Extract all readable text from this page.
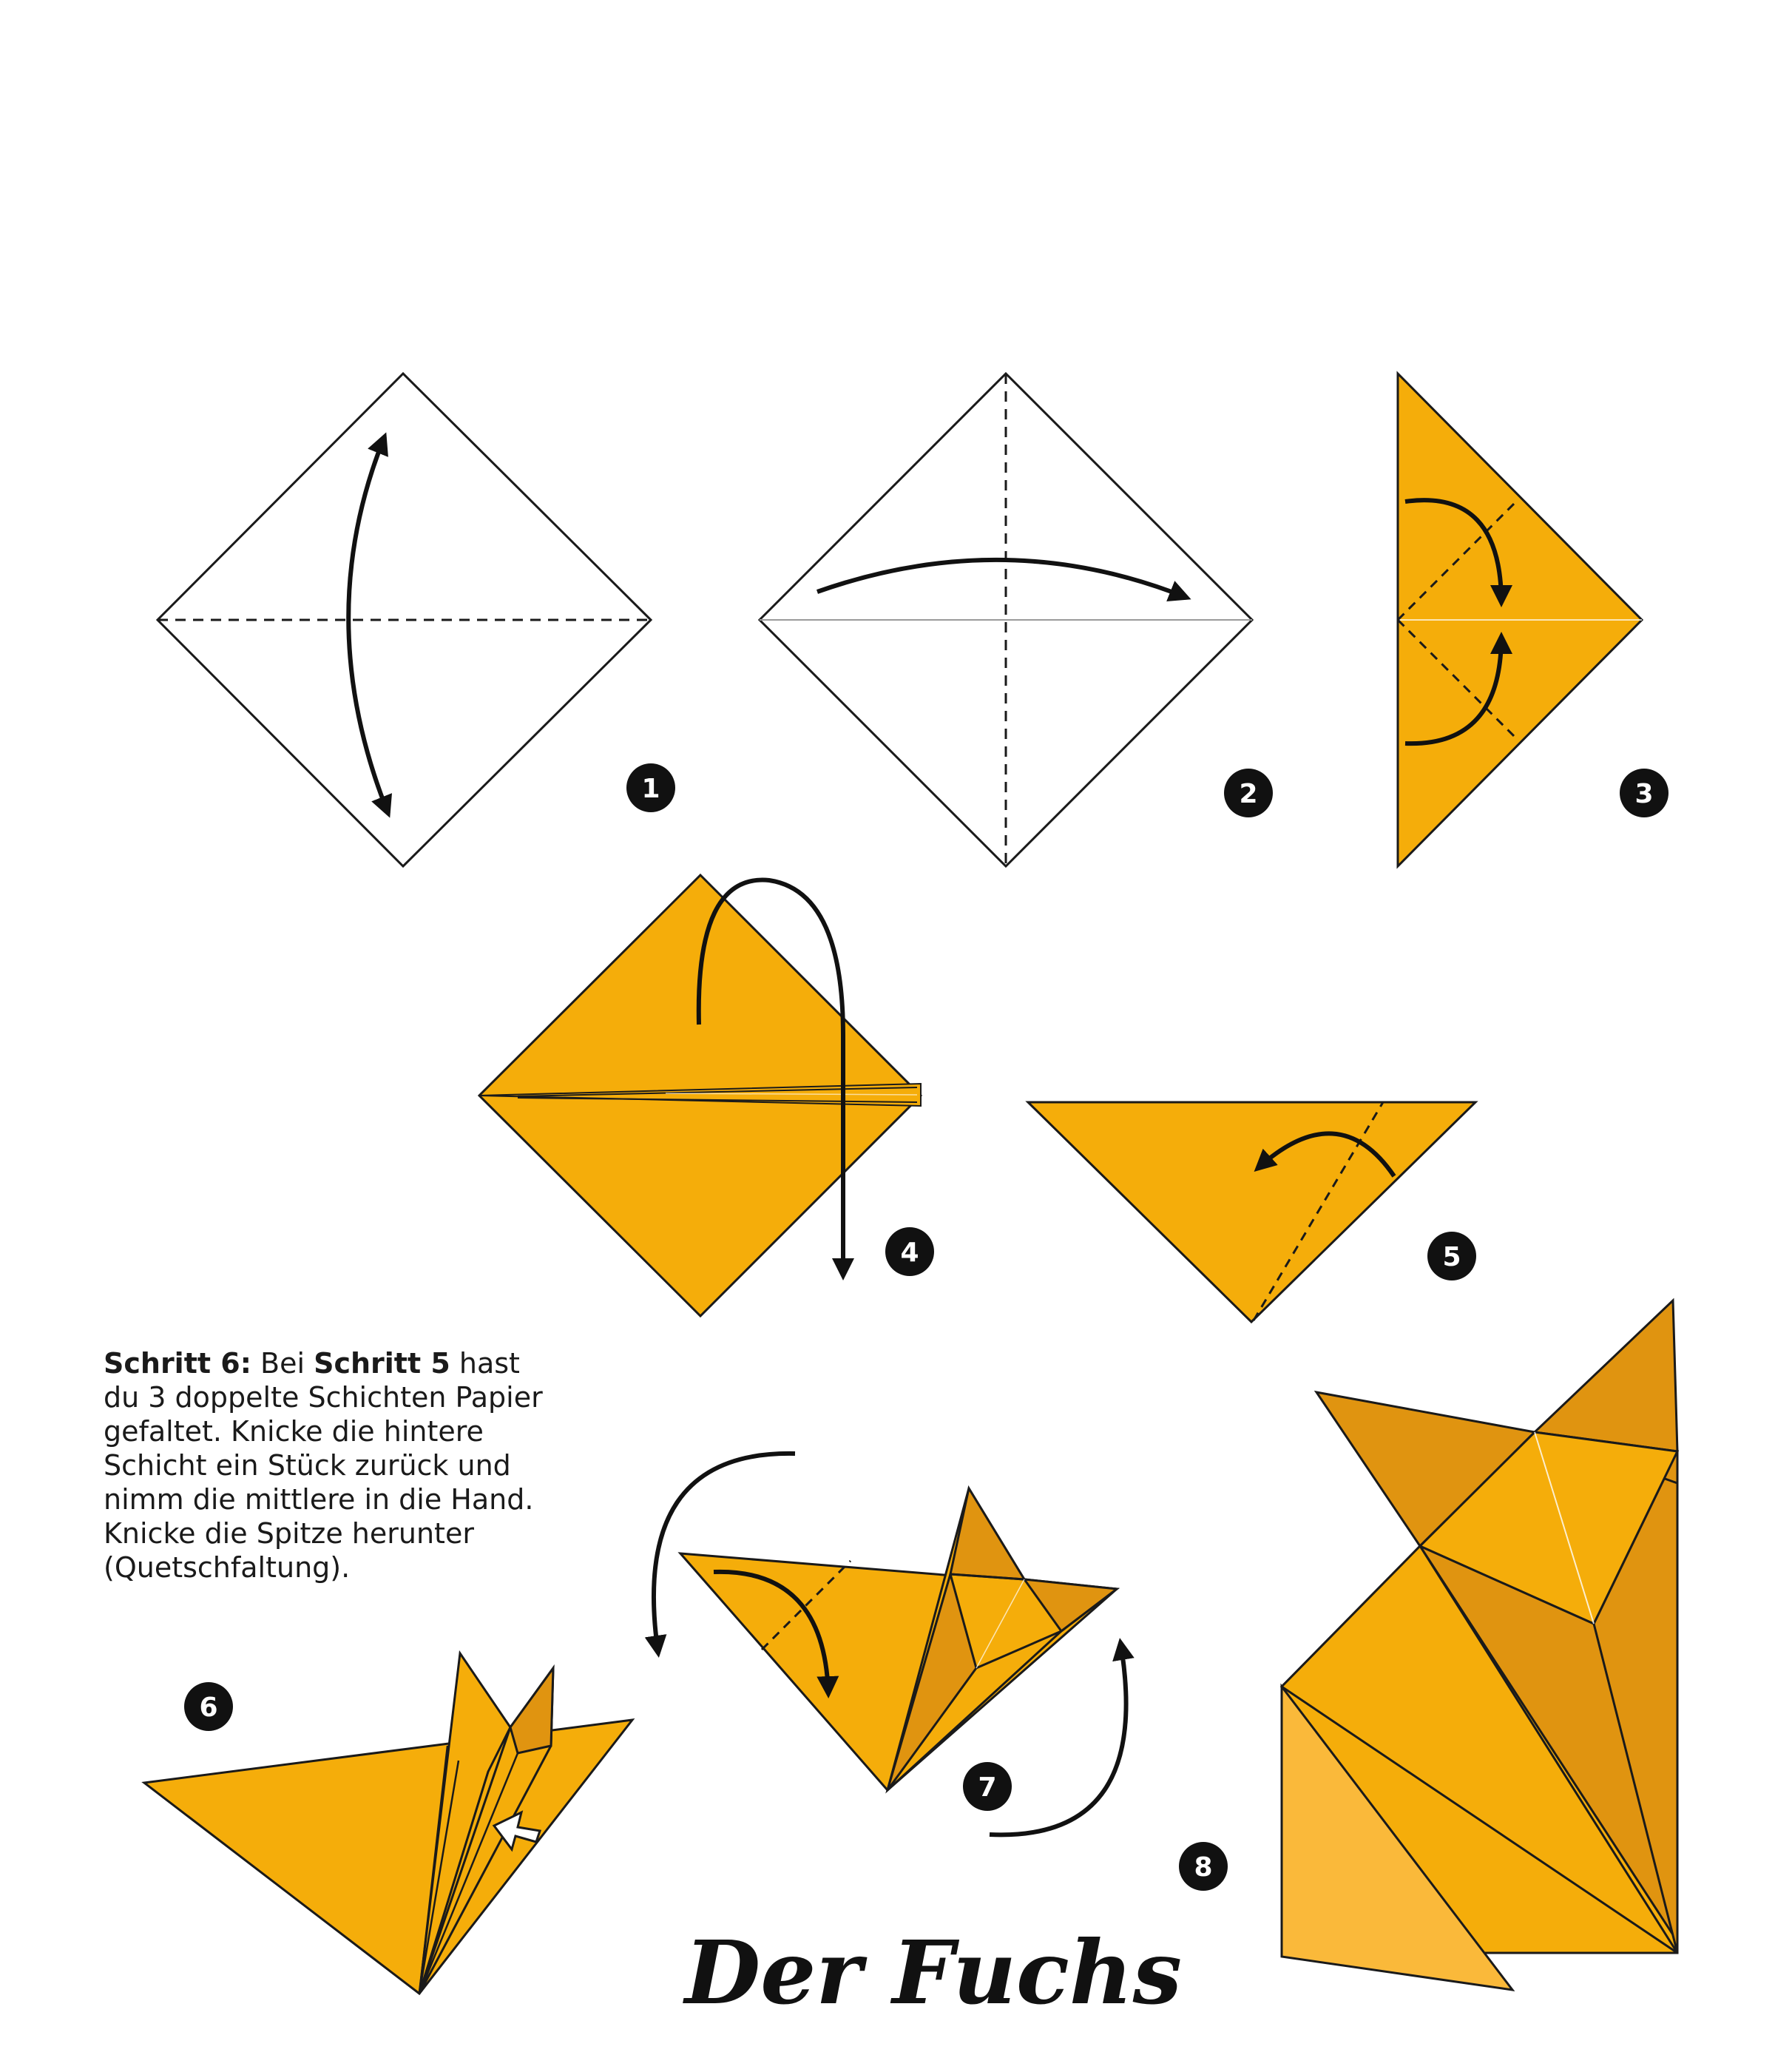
1	2	3
4	5
6
7
8
Der Fuchs
Schritt 6: Bei Schritt 5 hast du 3 doppelte Schichten Papier gefaltet. Knicke die hintere Schicht ein Stück zurück und nimm die mittlere in die Hand. Knicke die Spitze herunter (Quetschfaltung).
